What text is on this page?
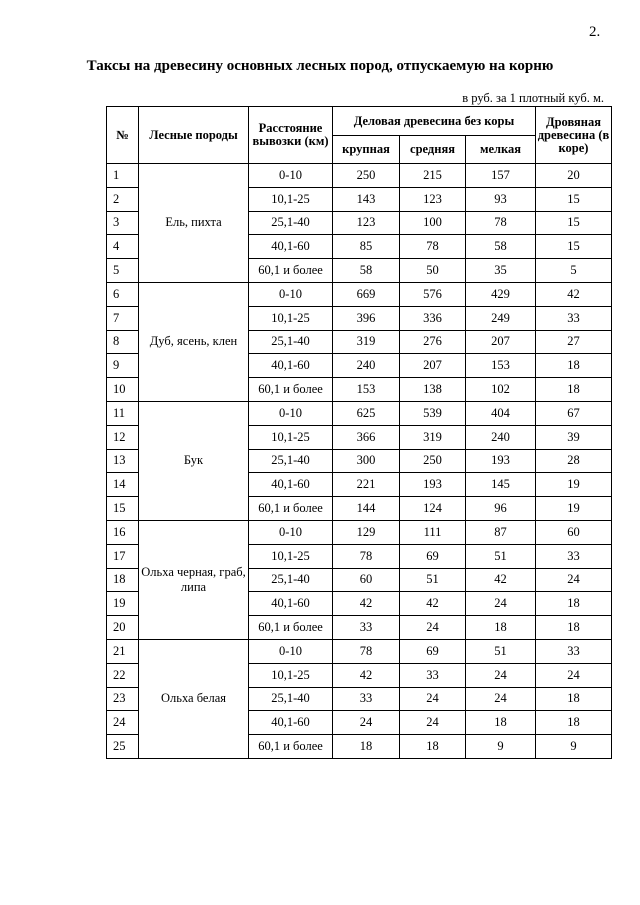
2.
Таксы на древесину основных лесных пород, отпускаемую на корню
в руб. за 1 плотный куб. м.
№	Лесные породы	Расстояние вывозки (км)	Деловая древесина без коры			Дровяная древесина (в коре)
			крупная	средняя	мелкая	
1	Ель, пихта	0-10	250	215	157	20
2		10,1-25	143	123	93	15
3		25,1-40	123	100	78	15
4		40,1-60	85	78	58	15
5		60,1 и более	58	50	35	5
6	Дуб, ясень, клен	0-10	669	576	429	42
7		10,1-25	396	336	249	33
8		25,1-40	319	276	207	27
9		40,1-60	240	207	153	18
10		60,1 и более	153	138	102	18
11	Бук	0-10	625	539	404	67
12		10,1-25	366	319	240	39
13		25,1-40	300	250	193	28
14		40,1-60	221	193	145	19
15		60,1 и более	144	124	96	19
16	Ольха черная, граб, липа	0-10	129	111	87	60
17		10,1-25	78	69	51	33
18		25,1-40	60	51	42	24
19		40,1-60	42	42	24	18
20		60,1 и более	33	24	18	18
21	Ольха белая	0-10	78	69	51	33
22		10,1-25	42	33	24	24
23		25,1-40	33	24	24	18
24		40,1-60	24	24	18	18
25		60,1 и более	18	18	9	9
